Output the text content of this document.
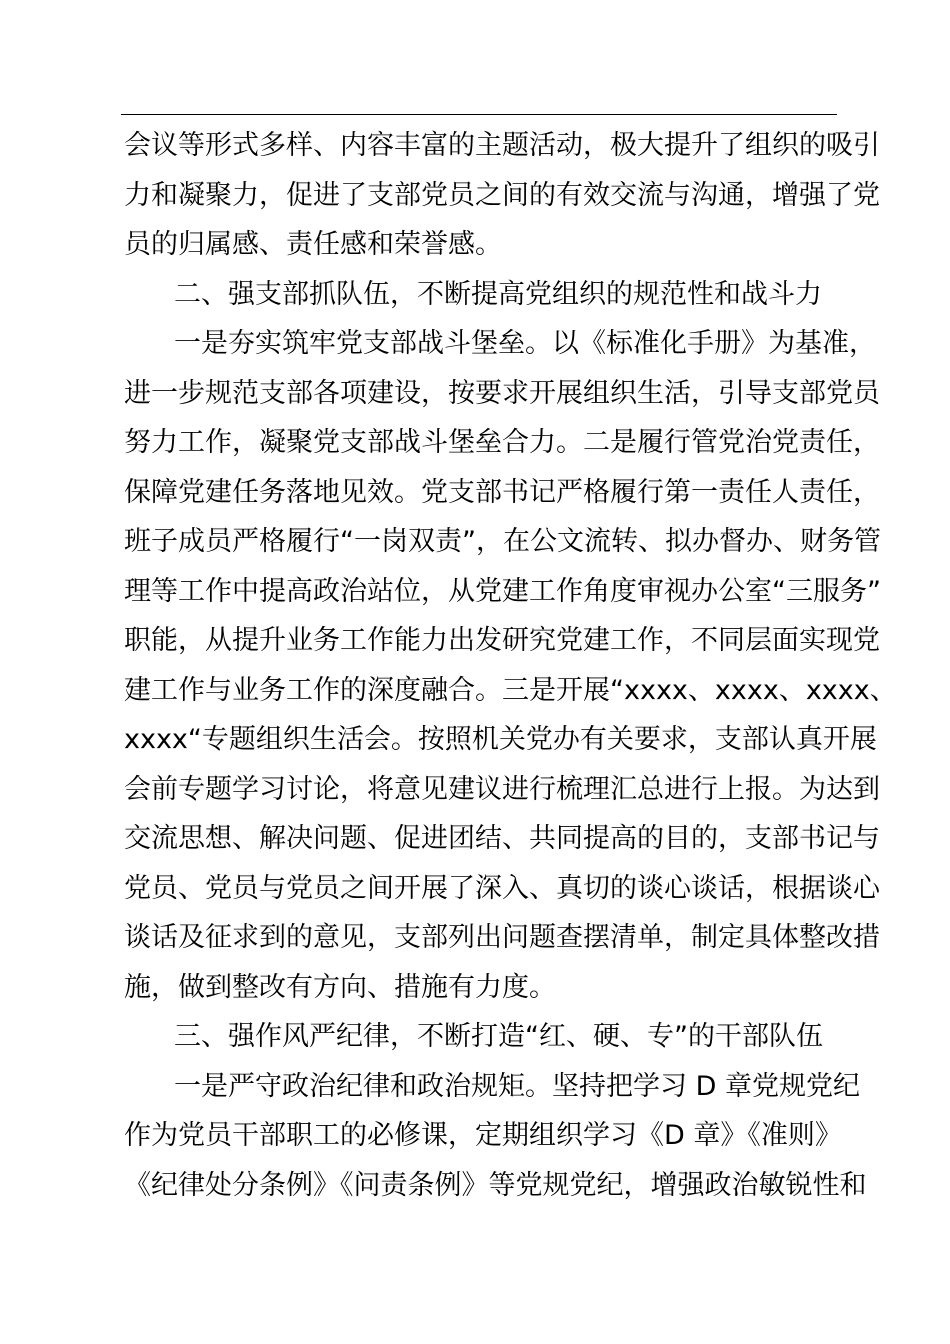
会议等形式多样、内容丰富的主题活动，极大提升了组织的吸引
力和凝聚力，促进了支部党员之间的有效交流与沟通，增强了党
员的归属感、责任感和荣誉感。
二、强支部抓队伍，不断提高党组织的规范性和战斗力
一是夯实筑牢党支部战斗堡垒。以《标准化手册》为基准，
进一步规范支部各项建设，按要求开展组织生活，引导支部党员
努力工作，凝聚党支部战斗堡垒合力。二是履行管党治党责任，
保障党建任务落地见效。党支部书记严格履行第一责任人责任，
班子成员严格履行“一岗双责”，在公文流转、拟办督办、财务管
理等工作中提高政治站位，从党建工作角度审视办公室“三服务”
职能，从提升业务工作能力出发研究党建工作，不同层面实现党
建工作与业务工作的深度融合。三是开展“xxxx、xxxx、xxxx、
xxxx“专题组织生活会。按照机关党办有关要求，支部认真开展
会前专题学习讨论，将意见建议进行梳理汇总进行上报。为达到
交流思想、解决问题、促进团结、共同提高的目的，支部书记与
党员、党员与党员之间开展了深入、真切的谈心谈话，根据谈心
谈话及征求到的意见，支部列出问题查摆清单，制定具体整改措
施，做到整改有方向、措施有力度。
三、强作风严纪律，不断打造“红、硬、专”的干部队伍
一是严守政治纪律和政治规矩。坚持把学习 D 章党规党纪
作为党员干部职工的必修课，定期组织学习《D 章》《准则》
《纪律处分条例》《问责条例》等党规党纪，增强政治敏锐性和
